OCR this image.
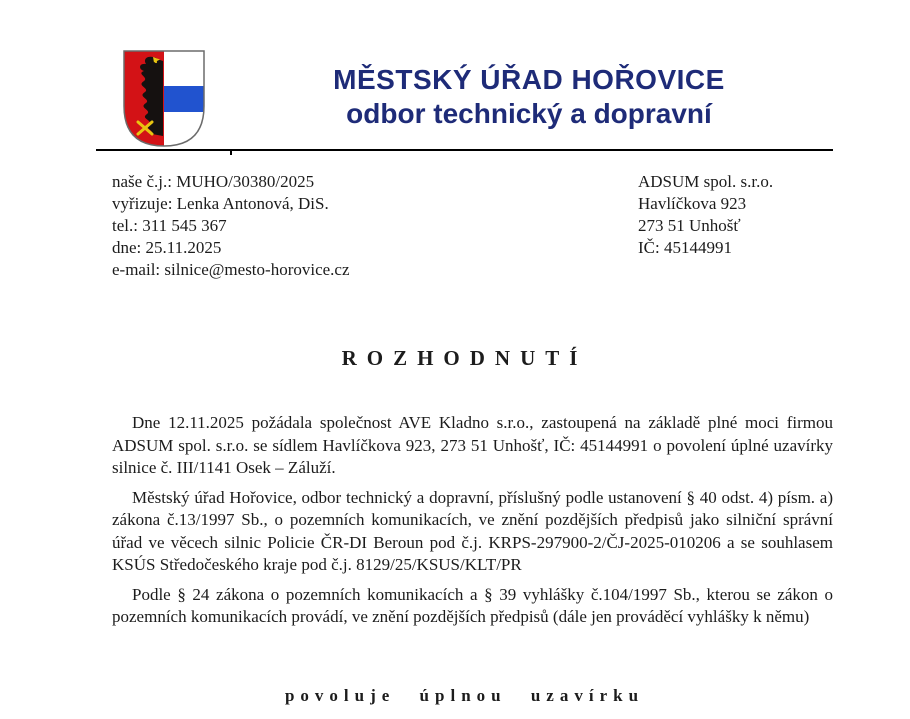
MĚSTSKÝ ÚŘAD HOŘOVICE
odbor technický a dopravní
naše č.j.: MUHO/30380/2025
vyřizuje: Lenka Antonová, DiS.
tel.: 311 545 367
dne: 25.11.2025
e-mail: silnice@mesto-horovice.cz
ADSUM spol. s.r.o.
Havlíčkova 923
273 51 Unhošť
IČ: 45144991
ROZHODNUTÍ

Dne 12.11.2025 požádala společnost AVE Kladno s.r.o., zastoupená na základě plné moci firmou ADSUM spol. s.r.o. se sídlem Havlíčkova 923, 273 51 Unhošť, IČ: 45144991 o povolení úplné uzavírky silnice č. III/1141 Osek – Záluží.

Městský úřad Hořovice, odbor technický a dopravní, příslušný podle ustanovení § 40 odst. 4) písm. a) zákona č.13/1997 Sb., o pozemních komunikacích, ve znění pozdějších předpisů jako silniční správní úřad ve věcech silnic Policie ČR-DI Beroun pod č.j. KRPS-297900-2/ČJ-2025-010206 a se souhlasem KSÚS Středočeského kraje pod č.j. 8129/25/KSUS/KLT/PR

Podle § 24 zákona o pozemních komunikacích a § 39 vyhlášky č.104/1997 Sb., kterou se zákon o pozemních komunikacích provádí, ve znění pozdějších předpisů (dále jen prováděcí vyhlášky k němu)

povoluje úplnou uzavírku
